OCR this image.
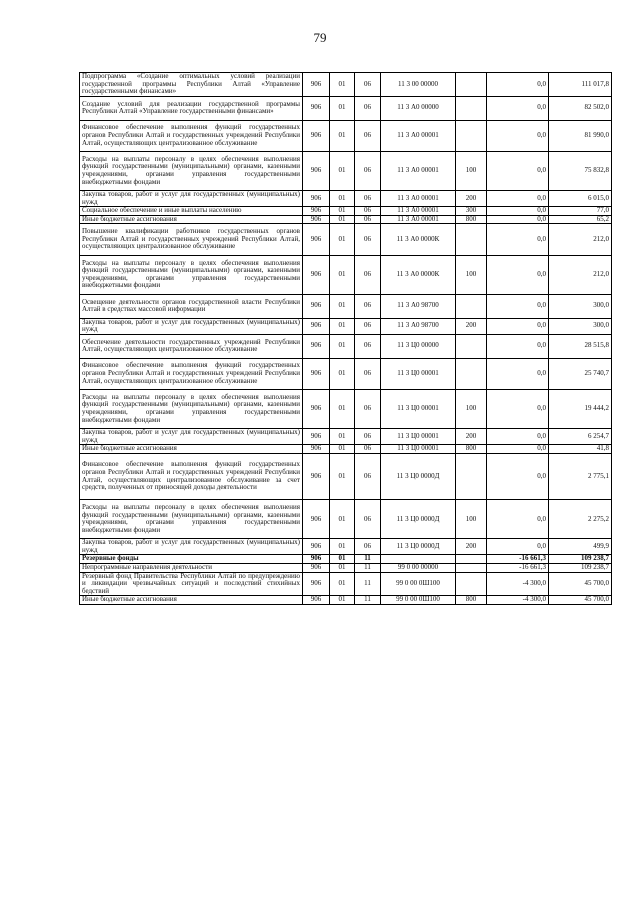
79
Подпрограмма «Создание оптимальных условий реализации государственной программы Республики Алтай «Управление государственными финансами»	906	01	06	11 3 00 00000		0,0	111 017,8
Создание условий для реализации государственной программы Республики Алтай «Управление государственными финансами»	906	01	06	11 3 А0 00000		0,0	82 502,0
Финансовое обеспечение выполнения функций государственных органов Республики Алтай и государственных учреждений Республики Алтай, осуществляющих централизованное обслуживание	906	01	06	11 3 А0 00001		0,0	81 990,0
Расходы на выплаты персоналу в целях обеспечения выполнения функций государственными (муниципальными) органами, казенными учреждениями, органами управления государственными внебюджетными фондами	906	01	06	11 3 А0 00001	100	0,0	75 832,8
Закупка товаров, работ и услуг для государственных (муниципальных) нужд	906	01	06	11 3 А0 00001	200	0,0	6 015,0
Социальное обеспечение и иные выплаты населению	906	01	06	11 3 А0 00001	300	0,0	77,0
Иные бюджетные ассигнования	906	01	06	11 3 А0 00001	800	0,0	65,2
Повышение квалификации работников государственных органов Республики Алтай и государственных учреждений Республики Алтай, осуществляющих централизованное обслуживание	906	01	06	11 3 А0 0000К		0,0	212,0
Расходы на выплаты персоналу в целях обеспечения выполнения функций государственными (муниципальными) органами, казенными учреждениями, органами управления государственными внебюджетными фондами	906	01	06	11 3 А0 0000К	100	0,0	212,0
Освещение деятельности органов государственной власти Республики Алтай в средствах массовой информации	906	01	06	11 3 А0 98700		0,0	300,0
Закупка товаров, работ и услуг для государственных (муниципальных) нужд	906	01	06	11 3 А0 98700	200	0,0	300,0
Обеспечение деятельности государственных учреждений Республики Алтай, осуществляющих централизованное обслуживание	906	01	06	11 3 Ц0 00000		0,0	28 515,8
Финансовое обеспечение выполнения функций государственных органов Республики Алтай и государственных учреждений Республики Алтай, осуществляющих централизованное обслуживание	906	01	06	11 3 Ц0 00001		0,0	25 740,7
Расходы на выплаты персоналу в целях обеспечения выполнения функций государственными (муниципальными) органами, казенными учреждениями, органами управления государственными внебюджетными фондами	906	01	06	11 3 Ц0 00001	100	0,0	19 444,2
Закупка товаров, работ и услуг для государственных (муниципальных) нужд	906	01	06	11 3 Ц0 00001	200	0,0	6 254,7
Иные бюджетные ассигнования	906	01	06	11 3 Ц0 00001	800	0,0	41,8
Финансовое обеспечение выполнения функций государственных органов Республики Алтай и государственных учреждений Республики Алтай, осуществляющих централизованное обслуживание за счет средств, полученных от приносящей доходы деятельности	906	01	06	11 3 Ц0 0000Д		0,0	2 775,1
Расходы на выплаты персоналу в целях обеспечения выполнения функций государственными (муниципальными) органами, казенными учреждениями, органами управления государственными внебюджетными фондами	906	01	06	11 3 Ц0 0000Д	100	0,0	2 275,2
Закупка товаров, работ и услуг для государственных (муниципальных) нужд	906	01	06	11 3 Ц0 0000Д	200	0,0	499,9
Резервные фонды	906	01	11			-16 661,3	109 238,7
Непрограммные направления деятельности	906	01	11	99 0 00 00000		-16 661,3	109 238,7
Резервный фонд Правительства Республики Алтай по предупреждению и ликвидации чрезвычайных ситуаций и последствий стихийных бедствий	906	01	11	99 0 00 0Ш100		-4 300,0	45 700,0
Иные бюджетные ассигнования	906	01	11	99 0 00 0Ш100	800	-4 300,0	45 700,0
